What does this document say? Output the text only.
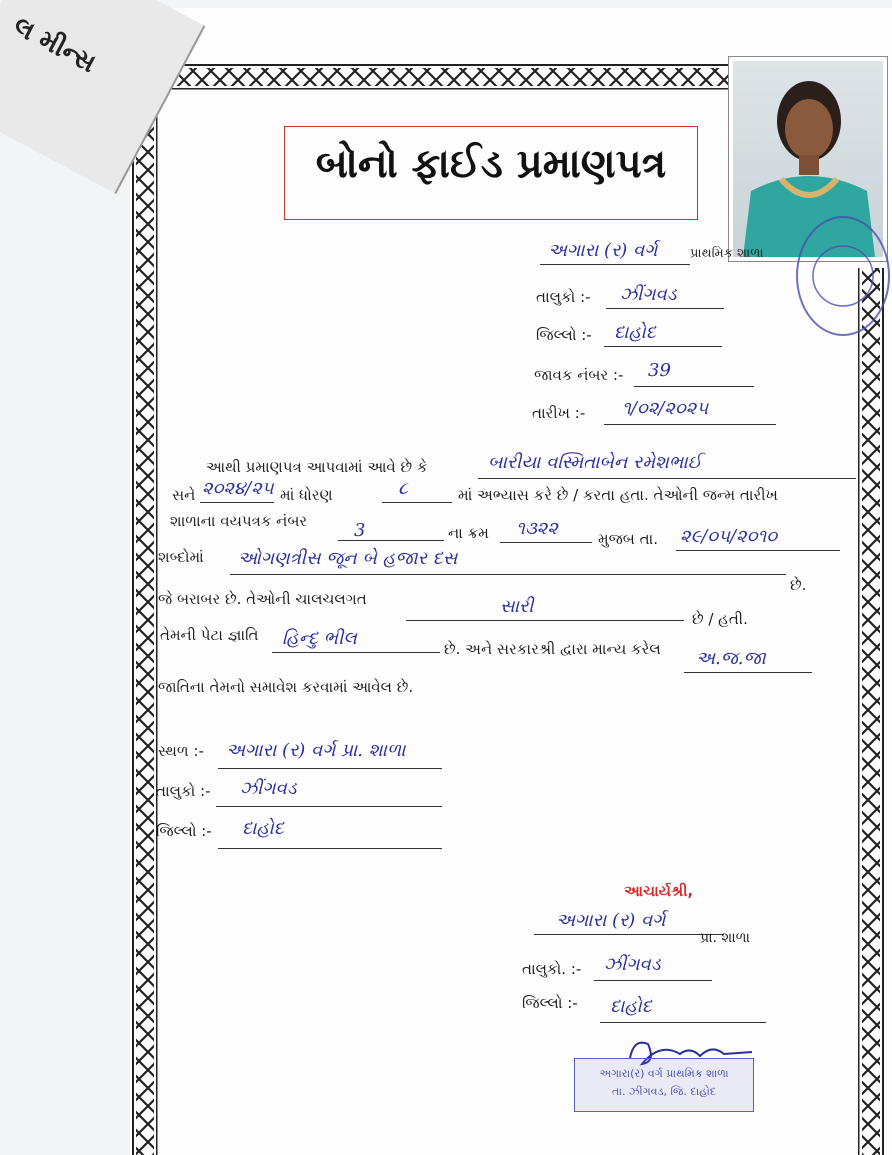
લ મીન્સ
બોનો ફાઈડ પ્રમાણપત્ર
અગારા (ર) વર્ગ	પ્રાથમિક શાળા
તાલુકો :- ઝીંગવડ
જિલ્લો :- દાહોદ
જાવક નંબર :- 39
તારીખ :- ૧/૦૨/૨૦૨૫
આથી પ્રમાણપત્ર આપવામાં આવે છે કે	બારીયા વસ્મિતાબેન રમેશભાઈ
સને ૨૦૨૪/૨૫ માં ધોરણ	૮	માં અભ્યાસ કરે છે / કરતા હતા. તેઓની જન્મ તારીખ
શાળાના વયપત્રક નંબર	3	ના ક્રમ ૧૩૨૨	મુજબ તા. ૨૯/૦૫/૨૦૧૦
શબ્દોમાં ઓગણત્રીસ જૂન બે હજાર દસ
છે.
જે બરાબર છે. તેઓની ચાલચલગત	સારી
છે / હતી.
તેમની પેટા જ્ઞાતિ હિન્દુ ભીલ	છે. અને સરકારશ્રી દ્વારા માન્ય કરેલ અ.જ.જા
જાતિના તેમનો સમાવેશ કરવામાં આવેલ છે.
સ્થળ :- અગારા (ર) વર્ગ પ્રા. શાળા
તાલુકો :- ઝીંગવડ
જિલ્લો :- દાહોદ
આચાર્યશ્રી,
અગારા (ર) વર્ગ
પ્રા. શાળા
તાલુકો. :- ઝીંગવડ
જિલ્લો :- દાહોદ
અગારા(ર) વર્ગ પ્રાથમિક શાળા
તા. ઝીંગવડ, જિ. દાહોદ
